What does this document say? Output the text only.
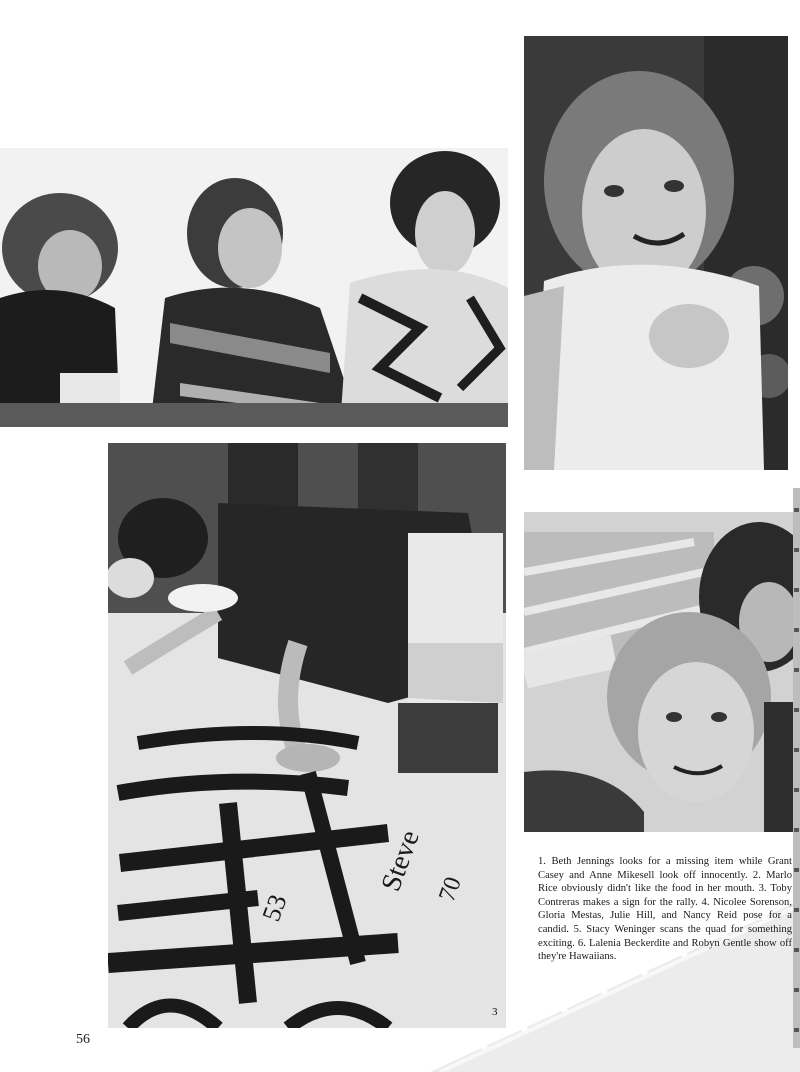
Steve 70
53
3
1. Beth Jennings looks for a missing item while Grant Casey and Anne Mikesell look off innocently. 2. Marlo Rice obviously didn't like the food in her mouth. 3. Toby Contreras makes a sign for the rally. 4. Nicolee Sorenson, Gloria Mestas, Julie Hill, and Nancy Reid pose for a candid. 5. Stacy Weninger scans the quad for something exciting. 6. Lalenia Beckerdite and Robyn Gentle show off they're Hawaiians.
56
